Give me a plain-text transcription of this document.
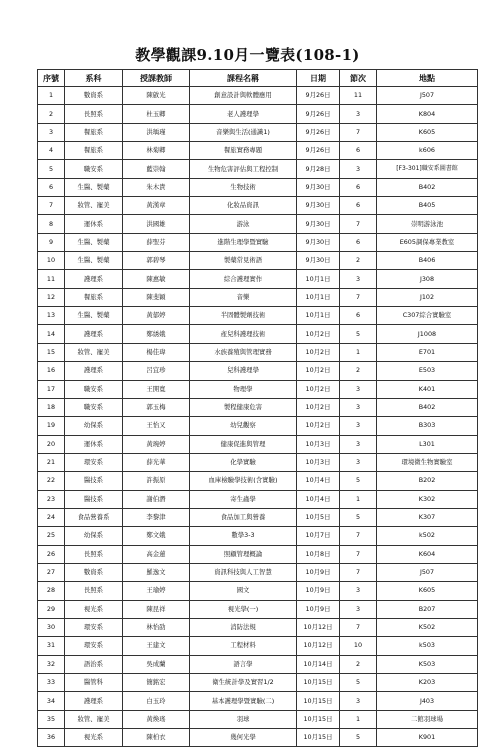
教學觀課9.10月一覽表(108-1)
序號	系科	授課教師	課程名稱	日期	節次	地點
1	數資系	陳啟光	創意設計與軟體應用	9月26日	11	J507
2	長照系	杜玉卿	老人護理學	9月26日	3	K804
3	餐旅系	洪瑀瑾	音樂與生活(通識1)	9月26日	7	K605
4	餐旅系	林菊卿	餐旅實務專題	9月26日	6	k606
5	職安系	藍崇翰	生物危害評估與工程控制	9月28日	3	[F3-301]職安系圖書館
6	生醫、製藥	朱木貴	生物技術	9月30日	6	B402
7	妝管、寵美	黃漢章	化妝品資訊	9月30日	6	B405
8	運休系	洪國雄	游泳	9月30日	7	崇明游泳池
9	生醫、製藥	薛聖芬	進階生理學暨實驗	9月30日	6	E605調保專業教室
10	生醫、製藥	郭碧琴	製藥常見術語	9月30日	2	B406
11	護理系	陳惠敏	綜合護理實作	10月1日	3	J308
12	餐旅系	陳斐穎	音樂	10月1日	7	J102
13	生醫、製藥	黃郁婷	半固體製劑技術	10月1日	6	C307綜合實驗室
14	護理系	鄭綉娥	產兒科護理技術	10月2日	5	J1008
15	妝管、寵美	楊佳瑋	水族養殖與管理實務	10月2日	1	E701
16	護理系	呂宜珍	兒科護理學	10月2日	2	E503
17	職安系	王開寬	物理學	10月2日	3	K401
18	職安系	郭玉梅	製程健康危害	10月2日	3	B402
19	幼保系	王怡又	幼兒觀察	10月2日	3	B303
20	運休系	黃琬婷	健康促進與管理	10月3日	3	L301
21	環安系	薛光華	化學實驗	10月3日	3	環境微生物實驗室
22	醫技系	許振原	血庫檢驗學技術(含實驗)	10月4日	5	B202
23	醫技系	謝伯潛	寄生蟲學	10月4日	1	K302
24	食品營養系	李黎津	食品加工與營養	10月5日	5	K307
25	幼保系	鄭文娥	數學3-3	10月7日	7	k502
26	長照系	高金蓮	照顧管理概論	10月8日	7	K604
27	數資系	羅逸文	資訊科技與人工智慧	10月9日	7	J507
28	長照系	王瑜婷	國文	10月9日	3	K605
29	視光系	陳昆祥	視光學(一)	10月9日	3	B207
30	環安系	林怡劭	消防法規	10月12日	7	K502
31	環安系	王建文	工程材料	10月12日	10	k503
32	語治系	吳成蘭	語言學	10月14日	2	K503
33	醫管科	簡銘宏	衛生統計學及實習1/2	10月15日	5	K203
34	護理系	白玉玲	基本護理學暨實驗(二)	10月15日	3	J403
35	妝管、寵美	黃煥瑤	羽球	10月15日	1	二館羽球場
36	視光系	陳柏衣	幾何光學	10月15日	5	K901
